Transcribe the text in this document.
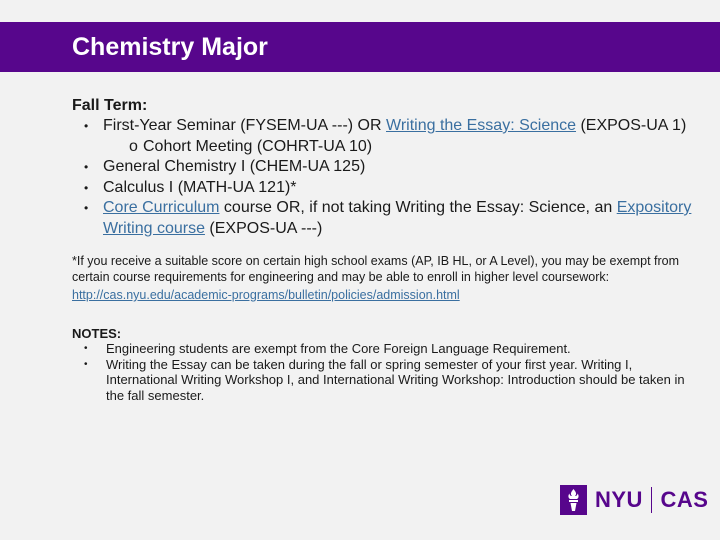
Chemistry Major
Fall Term:
• First-Year Seminar (FYSEM-UA ---) OR Writing the Essay: Science (EXPOS-UA 1)
o Cohort Meeting (COHRT-UA 10)
• General Chemistry I (CHEM-UA 125)
• Calculus I (MATH-UA 121)*
• Core Curriculum course OR, if not taking Writing the Essay: Science, an Expository Writing course (EXPOS-UA ---)
*If you receive a suitable score on certain high school exams (AP, IB HL, or A Level), you may be exempt from certain course requirements for engineering and may be able to enroll in higher level coursework:
http://cas.nyu.edu/academic-programs/bulletin/policies/admission.html
NOTES:
• Engineering students are exempt from the Core Foreign Language Requirement.
• Writing the Essay can be taken during the fall or spring semester of your first year. Writing I, International Writing Workshop I, and International Writing Workshop: Introduction should be taken in the fall semester.
NYU CAS
